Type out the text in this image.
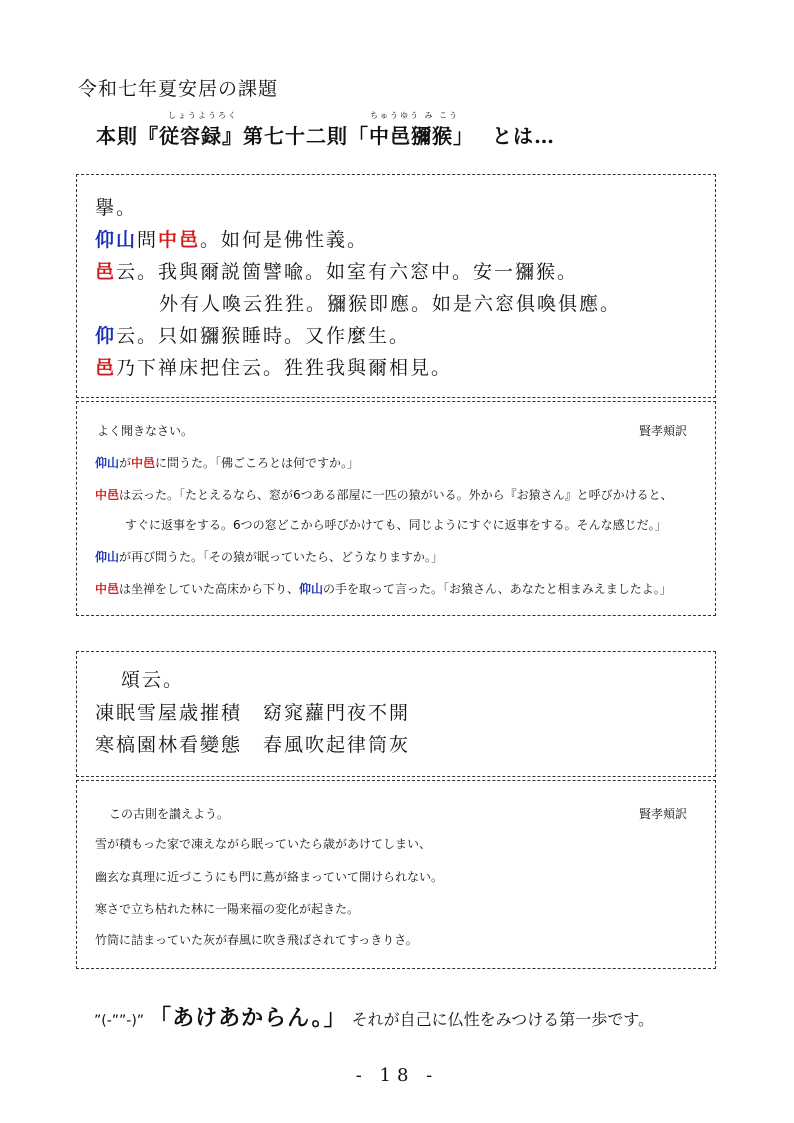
令和七年夏安居の課題
本則
しょうようろく
『従容録』第七十二則
ちゅうゆう み こう
「中邑獼猴」 とは…
擧。
仰山問中邑。如何是佛性義。
邑云。我與爾説箇譬喩。如室有六窓中。安一獼猴。
外有人喚云狌狌。獼猴即應。如是六窓俱喚俱應。
仰云。只如獼猴睡時。又作麼生。
邑乃下禅床把住云。狌狌我與爾相見。
よく聞きなさい。	賢孝頬訳
仰山が中邑に問うた。「佛ごころとは何ですか。」
中邑は云った。「たとえるなら、窓が6つある部屋に一匹の猿がいる。外から『お猿さん』と呼びかけると、
すぐに返事をする。6つの窓どこから呼びかけても、同じようにすぐに返事をする。そんな感じだ。」
仰山が再び問うた。「その猿が眠っていたら、どうなりますか。」
中邑は坐禅をしていた高床から下り、仰山の手を取って言った。「お猿さん、あなたと相まみえましたよ。」
頌云。
凍眠雪屋歳摧積　窈窕蘿門夜不開
寒槁園林看變態　春風吹起律筒灰
この古則を讃えよう。	賢孝頬訳
雪が積もった家で凍えながら眠っていたら歳があけてしまい、
幽玄な真理に近づこうにも門に蔦が絡まっていて開けられない。
寒さで立ち枯れた林に一陽来福の変化が起きた。
竹筒に詰まっていた灰が春風に吹き飛ばされてすっきりさ。
”(-””-)” 「あけあからん。」 それが自己に仏性をみつける第一歩です。
- 18 -
